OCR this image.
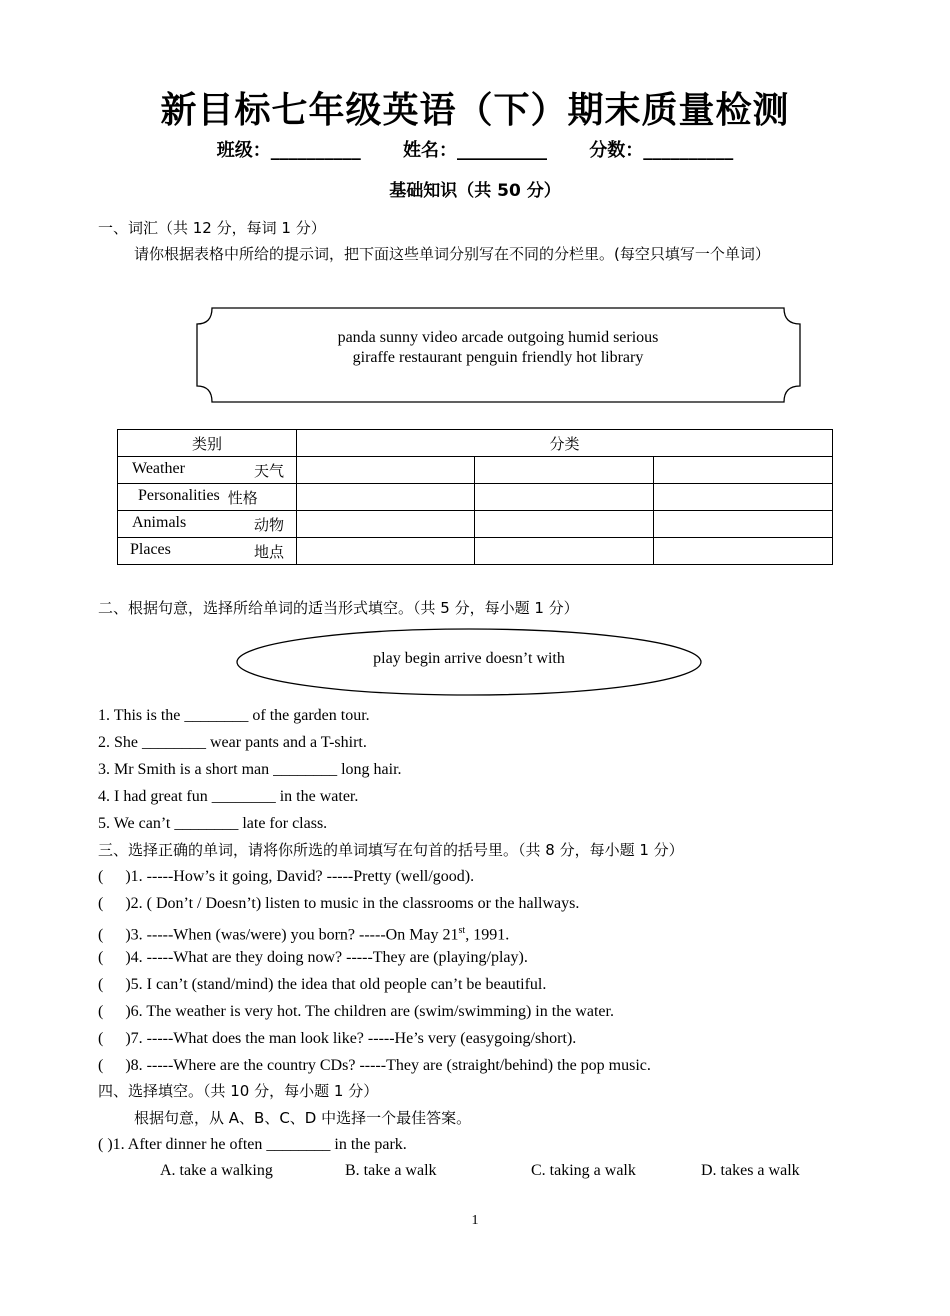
新目标七年级英语（下）期末质量检测
班级：__________ 姓名：__________ 分数：__________
基础知识（共 50 分）
一、词汇（共 12 分，每词 1 分）
请你根据表格中所给的提示词，把下面这些单词分别写在不同的分栏里。(每空只填写一个单词）
panda sunny video arcade outgoing humid serious
giraffe restaurant penguin friendly hot library
类别	分类		

Weather 天气			

Personalities 性格			

Animals 动物			

Places 地点			

二、根据句意，选择所给单词的适当形式填空。（共 5 分，每小题 1 分）
play begin arrive doesn’t with
1. This is the ________ of the garden tour.
2. She ________ wear pants and a T-shirt.
3. Mr Smith is a short man ________ long hair.
4. I had great fun ________ in the water.
5. We can’t ________ late for class.
三、选择正确的单词，请将你所选的单词填写在句首的括号里。（共 8 分，每小题 1 分）
( )1. -----How’s it going, David? -----Pretty (well/good).
( )2. ( Don’t / Doesn’t) listen to music in the classrooms or the hallways.
( )3. -----When (was/were) you born? -----On May 21st, 1991.
( )4. -----What are they doing now? -----They are (playing/play).
( )5. I can’t (stand/mind) the idea that old people can’t be beautiful.
( )6. The weather is very hot. The children are (swim/swimming) in the water.
( )7. -----What does the man look like? -----He’s very (easygoing/short).
( )8. -----Where are the country CDs? -----They are (straight/behind) the pop music.
四、选择填空。（共 10 分，每小题 1 分）
根据句意，从 A、B、C、D 中选择一个最佳答案。
( )1. After dinner he often ________ in the park.
A. take a walking	B. take a walk	C. taking a walk	D. takes a walk
1
